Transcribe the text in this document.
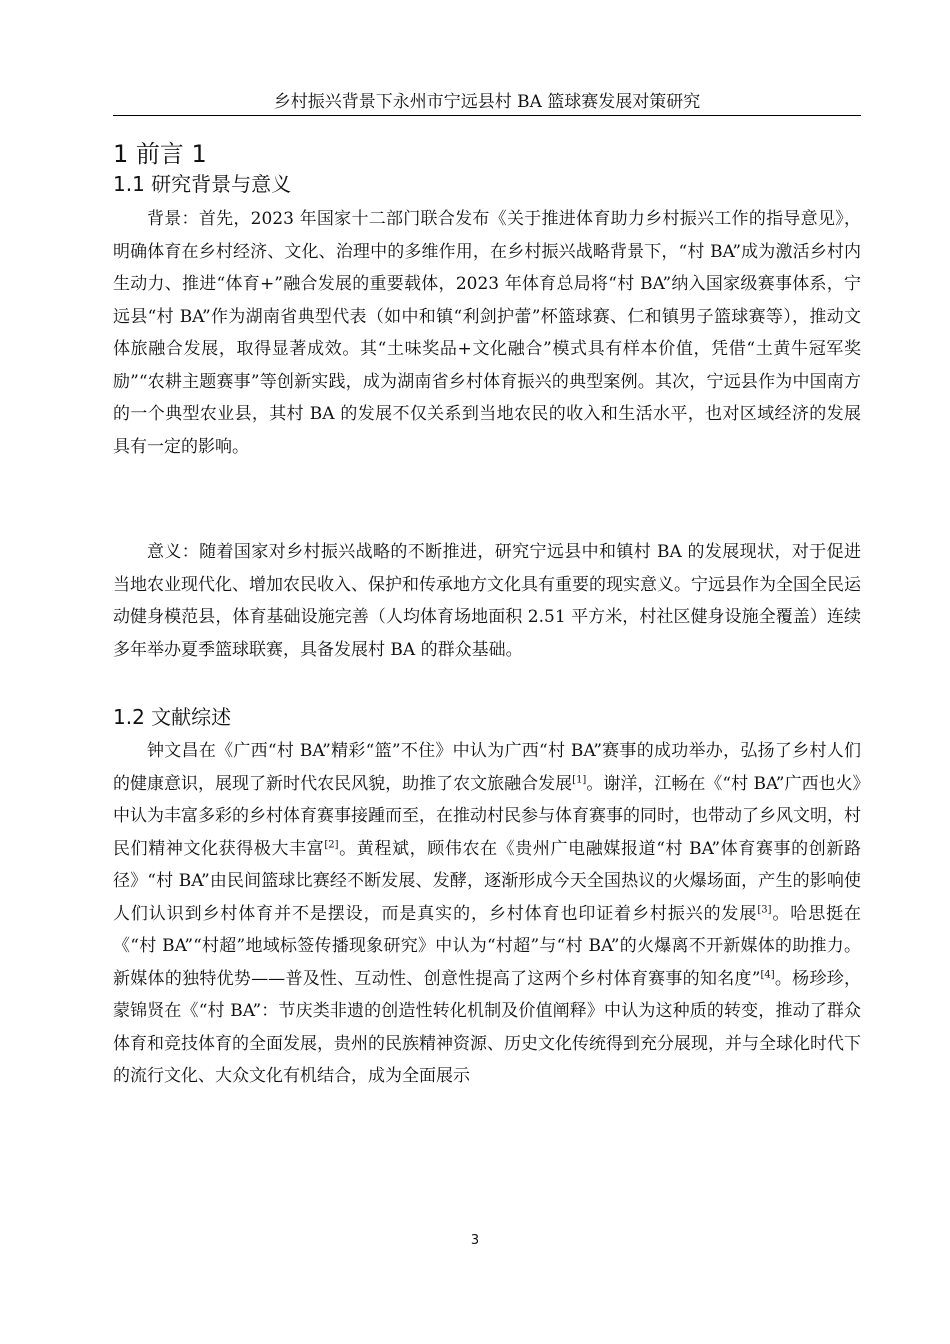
乡村振兴背景下永州市宁远县村 BA 篮球赛发展对策研究
1 前言 1
1.1 研究背景与意义

背景：首先，2023 年国家十二部门联合发布《关于推进体育助力乡村振兴工作的指导意见》，明确体育在乡村经济、文化、治理中的多维作用，在乡村振兴战略背景下，“村 BA”成为激活乡村内生动力、推进“体育+”融合发展的重要载体，2023 年体育总局将“村 BA”纳入国家级赛事体系，宁远县“村 BA”作为湖南省典型代表（如中和镇“利剑护蕾”杯篮球赛、仁和镇男子篮球赛等），推动文体旅融合发展，取得显著成效。其“土味奖品+文化融合”模式具有样本价值，凭借“土黄牛冠军奖励”“农耕主题赛事”等创新实践，成为湖南省乡村体育振兴的典型案例。其次，宁远县作为中国南方的一个典型农业县，其村 BA 的发展不仅关系到当地农民的收入和生活水平，也对区域经济的发展具有一定的影响。

意义：随着国家对乡村振兴战略的不断推进，研究宁远县中和镇村 BA 的发展现状，对于促进当地农业现代化、增加农民收入、保护和传承地方文化具有重要的现实意义。宁远县作为全国全民运动健身模范县，体育基础设施完善（人均体育场地面积 2.51 平方米，村社区健身设施全覆盖）连续多年举办夏季篮球联赛，具备发展村 BA 的群众基础。

1.2 文献综述

钟文昌在《广西“村 BA”精彩“篮”不住》中认为广西“村 BA”赛事的成功举办，弘扬了乡村人们的健康意识，展现了新时代农民风貌，助推了农文旅融合发展[1]。谢洋，江畅在《“村 BA”广西也火》中认为丰富多彩的乡村体育赛事接踵而至，在推动村民参与体育赛事的同时，也带动了乡风文明，村民们精神文化获得极大丰富[2]。黄程斌，顾伟农在《贵州广电融媒报道“村 BA”体育赛事的创新路径》“村 BA”由民间篮球比赛经不断发展、发酵，逐渐形成今天全国热议的火爆场面，产生的影响使人们认识到乡村体育并不是摆设，而是真实的，乡村体育也印证着乡村振兴的发展[3]。哈思挺在《“村 BA”“村超”地域标签传播现象研究》中认为“村超”与“村 BA”的火爆离不开新媒体的助推力。新媒体的独特优势——普及性、互动性、创意性提高了这两个乡村体育赛事的知名度”[4]。杨珍珍，蒙锦贤在《“村 BA”：节庆类非遗的创造性转化机制及价值阐释》中认为这种质的转变，推动了群众体育和竞技体育的全面发展，贵州的民族精神资源、历史文化传统得到充分展现，并与全球化时代下的流行文化、大众文化有机结合，成为全面展示

3
